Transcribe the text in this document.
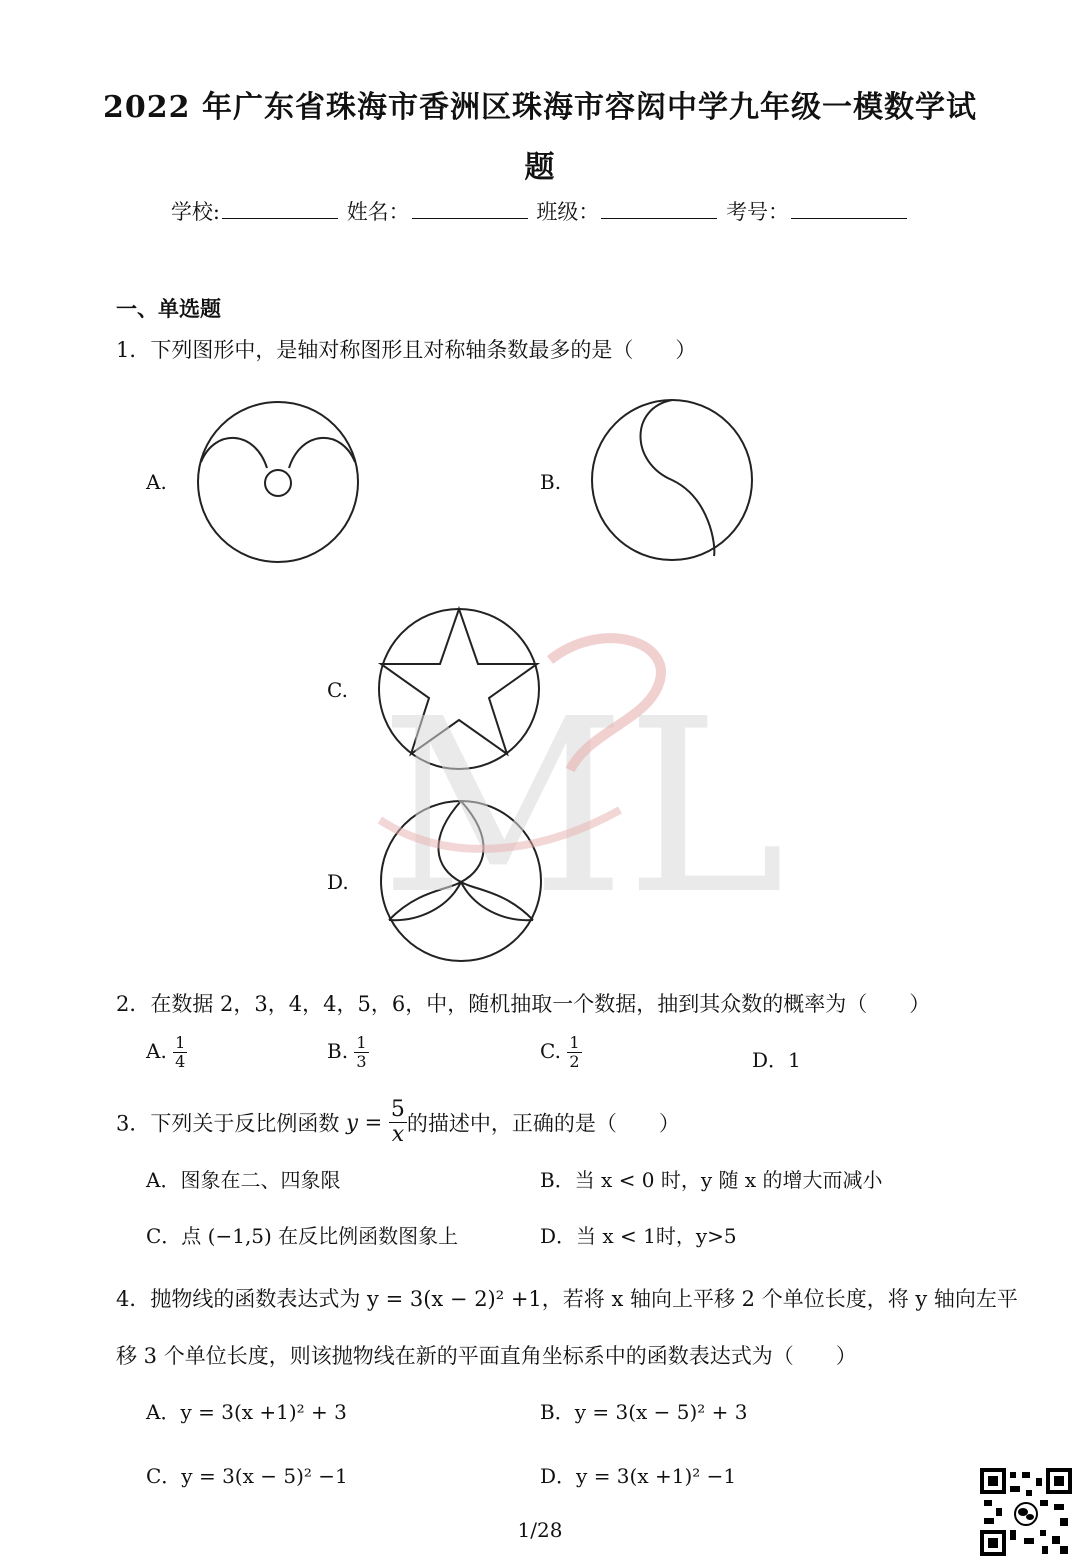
2022 年广东省珠海市香洲区珠海市容闳中学九年级一模数学试
题
学校:	姓名：	班级：	考号：
一、单选题
1．下列图形中，是轴对称图形且对称轴条数最多的是（　　）
A.	B.
C.
D. ML
2．在数据 2，3，4，4，5，6，中，随机抽取一个数据，抽到其众数的概率为（　　）
A. $\frac{1}{4}$	B. $\frac{1}{3}$	C. $\frac{1}{2}$	D．1
3．下列关于反比例函数 $y = \frac{5}{x}$ 的描述中，正确的是（　　）
A．图象在二、四象限	B．当 x < 0 时，y 随 x 的增大而减小
C．点 (−1,5) 在反比例函数图象上	D．当 x < 1时，y>5
4．抛物线的函数表达式为 y = 3(x − 2)² +1，若将 x 轴向上平移 2 个单位长度，将 y 轴向左平
移 3 个单位长度，则该抛物线在新的平面直角坐标系中的函数表达式为（　　）
A．y = 3(x +1)² + 3	B．y = 3(x − 5)² + 3
C．y = 3(x − 5)² −1	D．y = 3(x +1)² −1
1/28
